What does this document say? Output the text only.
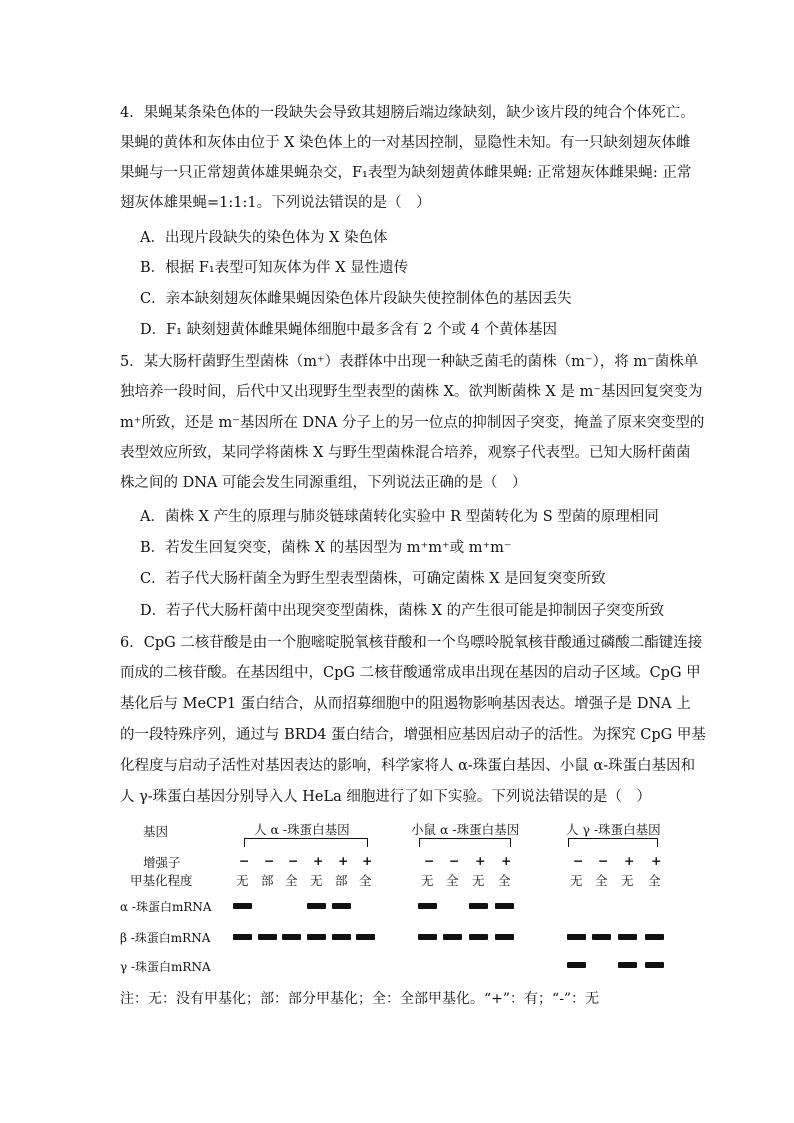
4．果蝇某条染色体的一段缺失会导致其翅膀后端边缘缺刻，缺少该片段的纯合个体死亡。
果蝇的黄体和灰体由位于 X 染色体上的一对基因控制，显隐性未知。有一只缺刻翅灰体雌
果蝇与一只正常翅黄体雄果蝇杂交，F₁表型为缺刻翅黄体雌果蝇: 正常翅灰体雌果蝇: 正常
翅灰体雄果蝇=1:1:1。下列说法错误的是（　）
A．出现片段缺失的染色体为 X 染色体
B．根据 F₁表型可知灰体为伴 X 显性遗传
C．亲本缺刻翅灰体雌果蝇因染色体片段缺失使控制体色的基因丢失
D．F₁ 缺刻翅黄体雌果蝇体细胞中最多含有 2 个或 4 个黄体基因
5．某大肠杆菌野生型菌株（m⁺）表群体中出现一种缺乏菌毛的菌株（m⁻），将 m⁻菌株单
独培养一段时间，后代中又出现野生型表型的菌株 X。欲判断菌株 X 是 m⁻基因回复突变为
m⁺所致，还是 m⁻基因所在 DNA 分子上的另一位点的抑制因子突变，掩盖了原来突变型的
表型效应所致，某同学将菌株 X 与野生型菌株混合培养，观察子代表型。已知大肠杆菌菌
株之间的 DNA 可能会发生同源重组，下列说法正确的是（　）
A．菌株 X 产生的原理与肺炎链球菌转化实验中 R 型菌转化为 S 型菌的原理相同
B．若发生回复突变，菌株 X 的基因型为 m⁺m⁺或 m⁺m⁻
C．若子代大肠杆菌全为野生型表型菌株，可确定菌株 X 是回复突变所致
D．若子代大肠杆菌中出现突变型菌株，菌株 X 的产生很可能是抑制因子突变所致
6．CpG 二核苷酸是由一个胞嘧啶脱氧核苷酸和一个鸟嘌呤脱氧核苷酸通过磷酸二酯键连接
而成的二核苷酸。在基因组中，CpG 二核苷酸通常成串出现在基因的启动子区域。CpG 甲
基化后与 MeCP1 蛋白结合，从而招募细胞中的阻遏物影响基因表达。增强子是 DNA 上
的一段特殊序列，通过与 BRD4 蛋白结合，增强相应基因启动子的活性。为探究 CpG 甲基
化程度与启动子活性对基因表达的影响，科学家将人 α-珠蛋白基因、小鼠 α-珠蛋白基因和
人 γ-珠蛋白基因分别导入人 HeLa 细胞进行了如下实验。下列说法错误的是（　）
基因
增强子
甲基化程度
α -珠蛋白mRNA
β -珠蛋白mRNA
γ -珠蛋白mRNA
人 α -珠蛋白基因	小鼠 α -珠蛋白基因	人 γ -珠蛋白基因
−
无
−
部
−
全
+
无
+
部
+
全
−
无
−
全
+
无
+
全
−
无
−
全
+
无
+
全
注：无：没有甲基化；部：部分甲基化；全：全部甲基化。“+”：有；“-”：无
